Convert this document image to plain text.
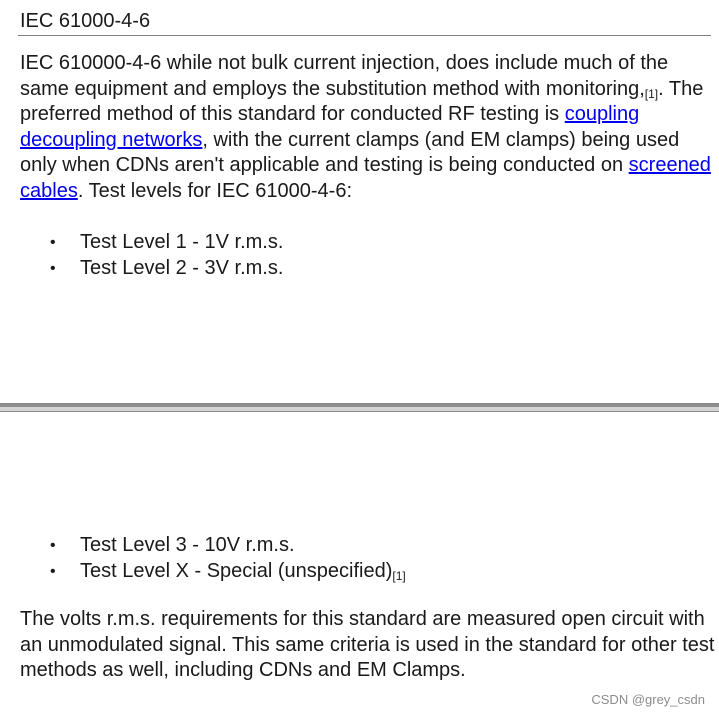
IEC 61000-4-6
IEC 610000-4-6 while not bulk current injection, does include much of the same equipment and employs the substitution method with $monitoring,_{[1]}$. The preferred method of this standard for conducted RF testing is coupling decoupling networks, with the current clamps (and EM clamps) being used only when CDNs aren't applicable and testing is being conducted on screened cables. Test levels for IEC 61000-4-6:
• Test Level 1 - 1V r.m.s.
• Test Level 2 - 3V r.m.s.
• Test Level 3 - 10V r.m.s.
• Test Level X - Special $(unspecified)_{[1]}$
The volts r.m.s. requirements for this standard are measured open circuit with an unmodulated signal. This same criteria is used in the standard for other test methods as well, including CDNs and EM Clamps.
CSDN @grey_csdn
